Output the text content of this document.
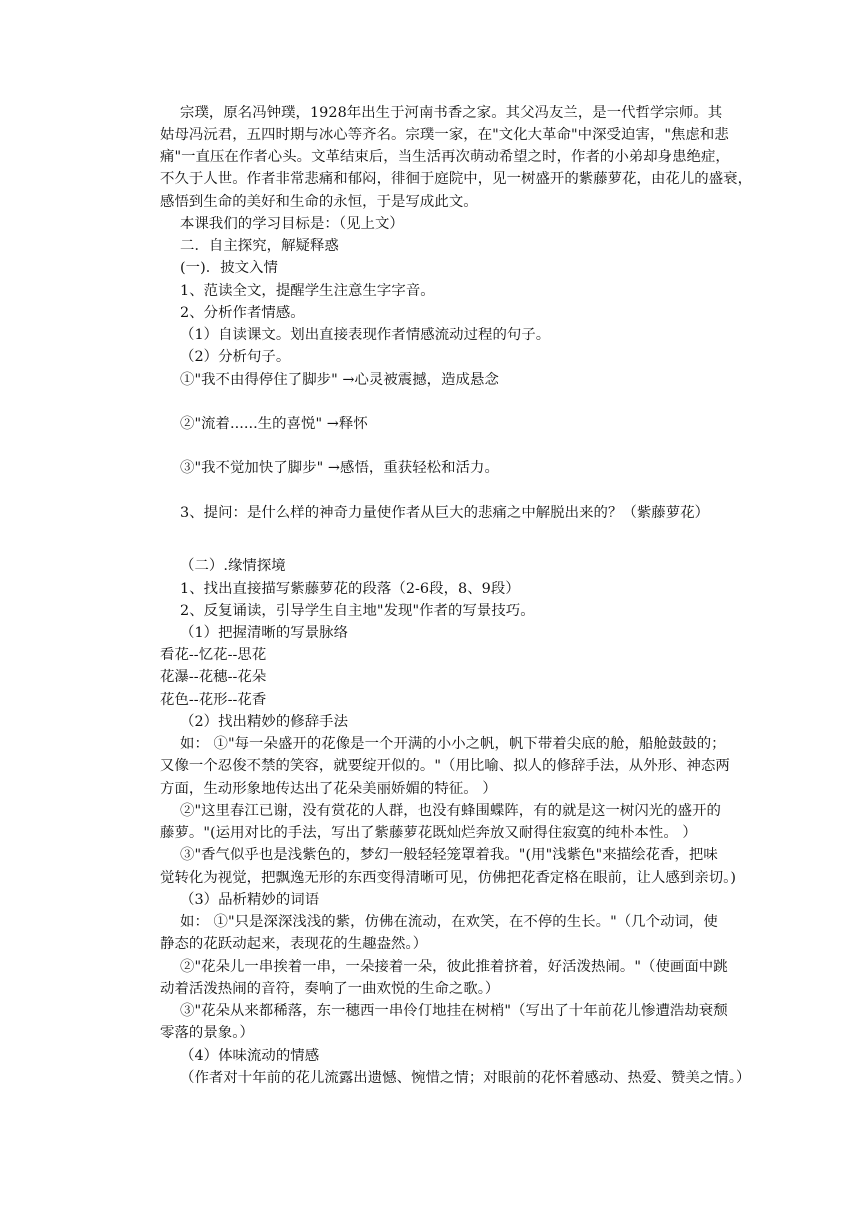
宗璞，原名冯钟璞，1928年出生于河南书香之家。其父冯友兰，是一代哲学宗师。其
姑母冯沅君，五四时期与冰心等齐名。宗璞一家，在"文化大革命"中深受迫害，"焦虑和悲
痛"一直压在作者心头。文革结束后，当生活再次萌动希望之时，作者的小弟却身患绝症，
不久于人世。作者非常悲痛和郁闷，徘徊于庭院中，见一树盛开的紫藤萝花，由花儿的盛衰，
感悟到生命的美好和生命的永恒，于是写成此文。
本课我们的学习目标是：（见上文）
二．自主探究，解疑释惑
(一)．披文入情
1、范读全文，提醒学生注意生字字音。
2、分析作者情感。
（1）自读课文。划出直接表现作者情感流动过程的句子。
（2）分析句子。
①"我不由得停住了脚步" →心灵被震撼，造成悬念
②"流着......生的喜悦" →释怀
③"我不觉加快了脚步" →感悟，重获轻松和活力。
3、提问：是什么样的神奇力量使作者从巨大的悲痛之中解脱出来的？（紫藤萝花）
（二）.缘情探境
1、找出直接描写紫藤萝花的段落（2-6段，8、9段）
2、反复诵读，引导学生自主地"发现"作者的写景技巧。
（1）把握清晰的写景脉络
看花--忆花--思花
花瀑--花穗--花朵
花色--花形--花香
（2）找出精妙的修辞手法
如： ①"每一朵盛开的花像是一个开满的小小之帆，帆下带着尖底的舱，船舱鼓鼓的；
又像一个忍俊不禁的笑容，就要绽开似的。"（用比喻、拟人的修辞手法，从外形、神态两
方面，生动形象地传达出了花朵美丽娇媚的特征。 ）
②"这里春江已谢，没有赏花的人群，也没有蜂围蝶阵，有的就是这一树闪光的盛开的
藤萝。"(运用对比的手法，写出了紫藤萝花既灿烂奔放又耐得住寂寞的纯朴本性。 ）
③"香气似乎也是浅紫色的，梦幻一般轻轻笼罩着我。"(用"浅紫色"来描绘花香，把味
觉转化为视觉，把飘逸无形的东西变得清晰可见，仿佛把花香定格在眼前，让人感到亲切。)
（3）品析精妙的词语
如： ①"只是深深浅浅的紫，仿佛在流动，在欢笑，在不停的生长。"（几个动词，使
静态的花跃动起来，表现花的生趣盎然。）
②"花朵儿一串挨着一串，一朵接着一朵，彼此推着挤着，好活泼热闹。"（使画面中跳
动着活泼热闹的音符，奏响了一曲欢悦的生命之歌。）
③"花朵从来都稀落，东一穗西一串伶仃地挂在树梢"（写出了十年前花儿惨遭浩劫衰颓
零落的景象。）
（4）体味流动的情感
（作者对十年前的花儿流露出遗憾、惋惜之情；对眼前的花怀着感动、热爱、赞美之情。）
